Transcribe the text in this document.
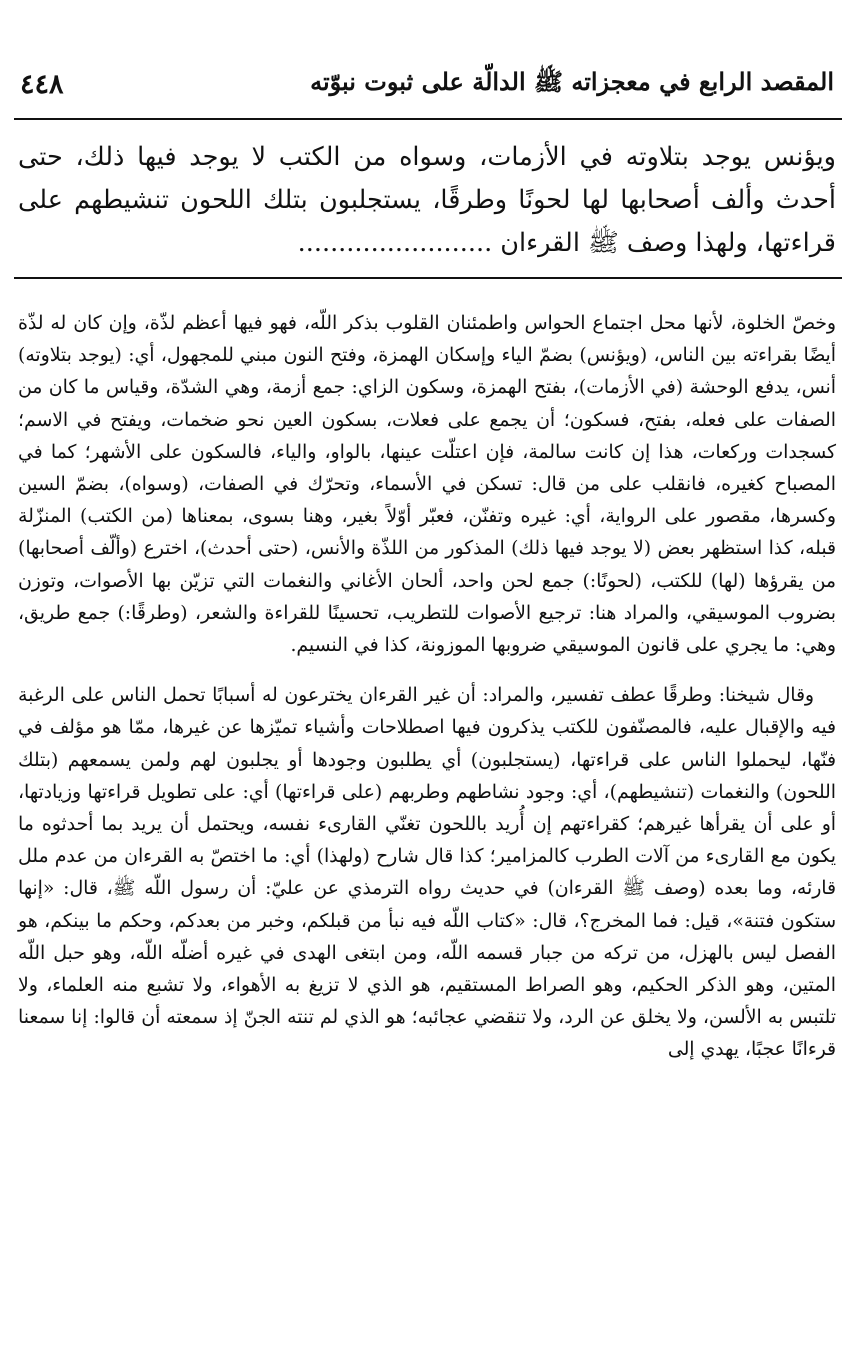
المقصد الرابع في معجزاته ﷺ الدالّة على ثبوت نبوّته
٤٤٨

ويؤنس يوجد بتلاوته في الأزمات، وسواه من الكتب لا يوجد فيها ذلك، حتى أحدث وألف أصحابها لها لحونًا وطرقًا، يستجلبون بتلك اللحون تنشيطهم على قراءتها، ولهذا وصف ﷺ القرءان ........................

وخصّ الخلوة، لأنها محل اجتماع الحواس واطمئنان القلوب بذكر اللّه، فهو فيها أعظم لذّة، وإن كان له لذّة أيضًا بقراءته بين الناس، (ويؤنس) بضمّ الياء وإسكان الهمزة، وفتح النون مبني للمجهول، أي: (يوجد بتلاوته) أنس، يدفع الوحشة (في الأزمات)، بفتح الهمزة، وسكون الزاي: جمع أزمة، وهي الشدّة، وقياس ما كان من الصفات على فعله، بفتح، فسكون؛ أن يجمع على فعلات، بسكون العين نحو ضخمات، ويفتح في الاسم؛ كسجدات وركعات، هذا إن كانت سالمة، فإن اعتلّت عينها، بالواو، والياء، فالسكون على الأشهر؛ كما في المصباح كغيره، فانقلب على من قال: تسكن في الأسماء، وتحرّك في الصفات، (وسواه)، بضمّ السين وكسرها، مقصور على الرواية، أي: غيره وتفنّن، فعبّر أوّلاً بغير، وهنا بسوى، بمعناها (من الكتب) المنزّلة قبله، كذا استظهر بعض (لا يوجد فيها ذلك) المذكور من اللذّة والأنس، (حتى أحدث)، اخترع (وألّف أصحابها) من يقرؤها (لها) للكتب، (لحونًا:) جمع لحن واحد، ألحان الأغاني والنغمات التي تزيّن بها الأصوات، وتوزن بضروب الموسيقي، والمراد هنا: ترجيع الأصوات للتطريب، تحسينًا للقراءة والشعر، (وطرقًا:) جمع طريق، وهي: ما يجري على قانون الموسيقي ضروبها الموزونة، كذا في النسيم.

وقال شيخنا: وطرقًا عطف تفسير، والمراد: أن غير القرءان يخترعون له أسبابًا تحمل الناس على الرغبة فيه والإقبال عليه، فالمصنّفون للكتب يذكرون فيها اصطلاحات وأشياء تميّزها عن غيرها، ممّا هو مؤلف في فنّها، ليحملوا الناس على قراءتها، (يستجلبون) أي يطلبون وجودها أو يجلبون لهم ولمن يسمعهم (بتلك اللحون) والنغمات (تنشيطهم)، أي: وجود نشاطهم وطربهم (على قراءتها) أي: على تطويل قراءتها وزيادتها، أو على أن يقرأها غيرهم؛ كقراءتهم إن أُريد باللحون تغنّي القارىء نفسه، ويحتمل أن يريد بما أحدثوه ما يكون مع القارىء من آلات الطرب كالمزامير؛ كذا قال شارح (ولهذا) أي: ما اختصّ به القرءان من عدم ملل قارئه، وما بعده (وصف ﷺ القرءان) في حديث رواه الترمذي عن عليّ: أن رسول اللّه ﷺ، قال: «إنها ستكون فتنة»، قيل: فما المخرج؟، قال: «كتاب اللّه فيه نبأ من قبلكم، وخبر من بعدكم، وحكم ما بينكم، هو الفصل ليس بالهزل، من تركه من جبار قسمه اللّه، ومن ابتغى الهدى في غيره أضلّه اللّه، وهو حبل اللّه المتين، وهو الذكر الحكيم، وهو الصراط المستقيم، هو الذي لا تزيغ به الأهواء، ولا تشبع منه العلماء، ولا تلتبس به الألسن، ولا يخلق عن الرد، ولا تنقضي عجائبه؛ هو الذي لم تنته الجنّ إذ سمعته أن قالوا: إنا سمعنا قرءانًا عجبًا، يهدي إلى
